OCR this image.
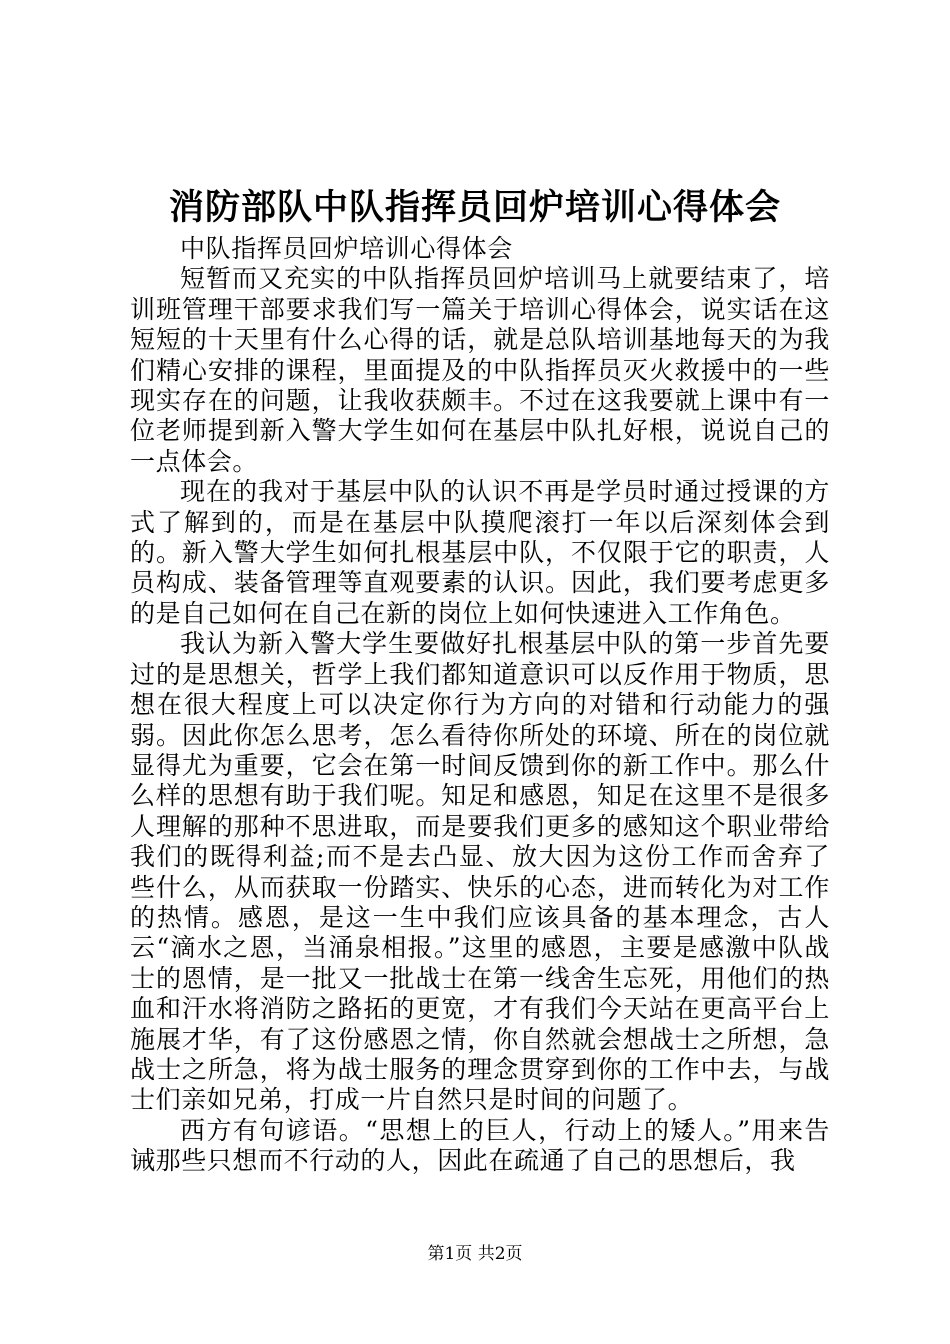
消防部队中队指挥员回炉培训心得体会

中队指挥员回炉培训心得体会

短暂而又充实的中队指挥员回炉培训马上就要结束了，培训班管理干部要求我们写一篇关于培训心得体会，说实话在这短短的十天里有什么心得的话，就是总队培训基地每天的为我们精心安排的课程，里面提及的中队指挥员灭火救援中的一些现实存在的问题，让我收获颇丰。不过在这我要就上课中有一位老师提到新入警大学生如何在基层中队扎好根，说说自己的一点体会。

现在的我对于基层中队的认识不再是学员时通过授课的方式了解到的，而是在基层中队摸爬滚打一年以后深刻体会到的。新入警大学生如何扎根基层中队，不仅限于它的职责，人员构成、装备管理等直观要素的认识。因此，我们要考虑更多的是自己如何在自己在新的岗位上如何快速进入工作角色。

我认为新入警大学生要做好扎根基层中队的第一步首先要过的是思想关，哲学上我们都知道意识可以反作用于物质，思想在很大程度上可以决定你行为方向的对错和行动能力的强弱。因此你怎么思考，怎么看待你所处的环境、所在的岗位就显得尤为重要，它会在第一时间反馈到你的新工作中。那么什么样的思想有助于我们呢。知足和感恩，知足在这里不是很多人理解的那种不思进取，而是要我们更多的感知这个职业带给我们的既得利益;而不是去凸显、放大因为这份工作而舍弃了些什么，从而获取一份踏实、快乐的心态，进而转化为对工作的热情。感恩，是这一生中我们应该具备的基本理念，古人云“滴水之恩，当涌泉相报。”这里的感恩，主要是感激中队战士的恩情，是一批又一批战士在第一线舍生忘死，用他们的热血和汗水将消防之路拓的更宽，才有我们今天站在更高平台上施展才华，有了这份感恩之情，你自然就会想战士之所想，急战士之所急，将为战士服务的理念贯穿到你的工作中去，与战士们亲如兄弟，打成一片自然只是时间的问题了。

西方有句谚语。“思想上的巨人，行动上的矮人。”用来告诫那些只想而不行动的人，因此在疏通了自己的思想后，我

第1页 共2页
